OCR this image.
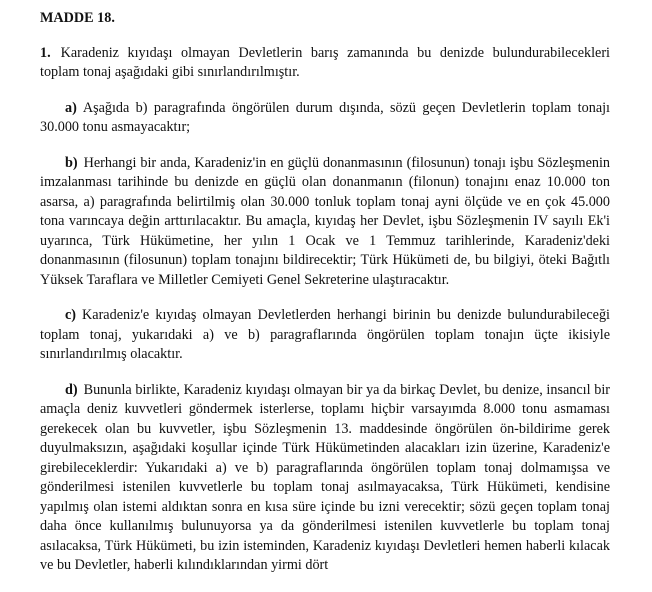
MADDE 18.

1. Karadeniz kıyıdaşı olmayan Devletlerin barış zamanında bu denizde bulundurabilecekleri toplam tonaj aşağıdaki gibi sınırlandırılmıştır.

a) Aşağıda b) paragrafında öngörülen durum dışında, sözü geçen Devletlerin toplam tonajı 30.000 tonu asmayacaktır;

b) Herhangi bir anda, Karadeniz'in en güçlü donanmasının (filosunun) tonajı işbu Sözleşmenin imzalanması tarihinde bu denizde en güçlü olan donanmanın (filonun) tonajını enaz 10.000 ton asarsa, a) paragrafında belirtilmiş olan 30.000 tonluk toplam tonaj ayni ölçüde ve en çok 45.000 tona varıncaya değin arttırılacaktır. Bu amaçla, kıyıdaş her Devlet, işbu Sözleşmenin IV sayılı Ek'i uyarınca, Türk Hükümetine, her yılın 1 Ocak ve 1 Temmuz tarihlerinde, Karadeniz'deki donanmasının (filosunun) toplam tonajını bildirecektir; Türk Hükümeti de, bu bilgiyi, öteki Bağıtlı Yüksek Taraflara ve Milletler Cemiyeti Genel Sekreterine ulaştıracaktır.

c) Karadeniz'e kıyıdaş olmayan Devletlerden herhangi birinin bu denizde bulundurabileceği toplam tonaj, yukarıdaki a) ve b) paragraflarında öngörülen toplam tonajın üçte ikisiyle sınırlandırılmış olacaktır.

d) Bununla birlikte, Karadeniz kıyıdaşı olmayan bir ya da birkaç Devlet, bu denize, insancıl bir amaçla deniz kuvvetleri göndermek isterlerse, toplamı hiçbir varsayımda 8.000 tonu asmaması gerekecek olan bu kuvvetler, işbu Sözleşmenin 13. maddesinde öngörülen ön-bildirime gerek duyulmaksızın, aşağıdaki koşullar içinde Türk Hükümetinden alacakları izin üzerine, Karadeniz'e girebileceklerdir: Yukarıdaki a) ve b) paragraflarında öngörülen toplam tonaj dolmamışsa ve gönderilmesi istenilen kuvvetlerle bu toplam tonaj asılmayacaksa, Türk Hükümeti, kendisine yapılmış olan istemi aldıktan sonra en kısa süre içinde bu izni verecektir; sözü geçen toplam tonaj daha önce kullanılmış bulunuyorsa ya da gönderilmesi istenilen kuvvetlerle bu toplam tonaj asılacaksa, Türk Hükümeti, bu izin isteminden, Karadeniz kıyıdaşı Devletleri hemen haberli kılacak ve bu Devletler, haberli kılındıklarından yirmi dört
